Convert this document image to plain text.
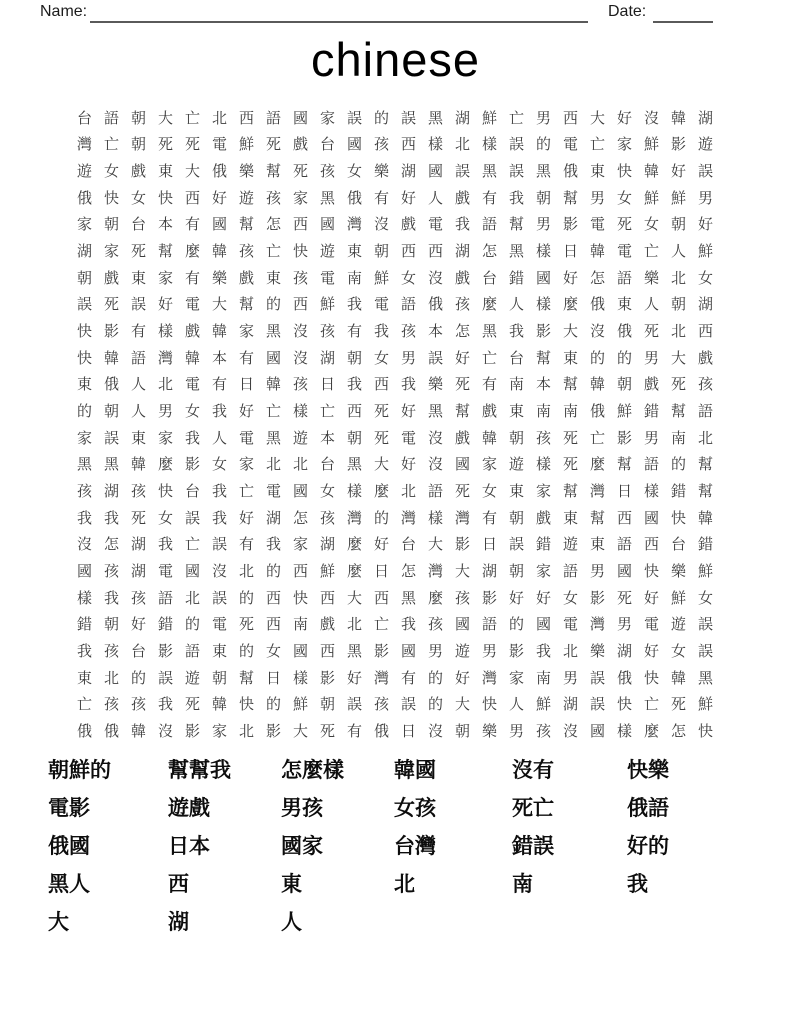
Name:	Date:
chinese
台 語 朝 大 亡 北 西 語 國 家 誤 的 誤 黑 湖 鮮 亡 男 西 大 好 沒 韓 湖
灣 亡 朝 死 死 電 鮮 死 戲 台 國 孩 西 樣 北 樣 誤 的 電 亡 家 鮮 影 遊
遊 女 戲 東 大 俄 樂 幫 死 孩 女 樂 湖 國 誤 黑 誤 黑 俄 東 快 韓 好 誤
俄 快 女 快 西 好 遊 孩 家 黑 俄 有 好 人 戲 有 我 朝 幫 男 女 鮮 鮮 男
家 朝 台 本 有 國 幫 怎 西 國 灣 沒 戲 電 我 語 幫 男 影 電 死 女 朝 好
湖 家 死 幫 麼 韓 孩 亡 快 遊 東 朝 西 西 湖 怎 黑 樣 日 韓 電 亡 人 鮮
朝 戲 東 家 有 樂 戲 東 孩 電 南 鮮 女 沒 戲 台 錯 國 好 怎 語 樂 北 女
誤 死 誤 好 電 大 幫 的 西 鮮 我 電 語 俄 孩 麼 人 樣 麼 俄 東 人 朝 湖
快 影 有 樣 戲 韓 家 黑 沒 孩 有 我 孩 本 怎 黑 我 影 大 沒 俄 死 北 西
快 韓 語 灣 韓 本 有 國 沒 湖 朝 女 男 誤 好 亡 台 幫 東 的 的 男 大 戲
東 俄 人 北 電 有 日 韓 孩 日 我 西 我 樂 死 有 南 本 幫 韓 朝 戲 死 孩
的 朝 人 男 女 我 好 亡 樣 亡 西 死 好 黑 幫 戲 東 南 南 俄 鮮 錯 幫 語
家 誤 東 家 我 人 電 黑 遊 本 朝 死 電 沒 戲 韓 朝 孩 死 亡 影 男 南 北
黑 黑 韓 麼 影 女 家 北 北 台 黑 大 好 沒 國 家 遊 樣 死 麼 幫 語 的 幫
孩 湖 孩 快 台 我 亡 電 國 女 樣 麼 北 語 死 女 東 家 幫 灣 日 樣 錯 幫
我 我 死 女 誤 我 好 湖 怎 孩 灣 的 灣 樣 灣 有 朝 戲 東 幫 西 國 快 韓
沒 怎 湖 我 亡 誤 有 我 家 湖 麼 好 台 大 影 日 誤 錯 遊 東 語 西 台 錯
國 孩 湖 電 國 沒 北 的 西 鮮 麼 日 怎 灣 大 湖 朝 家 語 男 國 快 樂 鮮
樣 我 孩 語 北 誤 的 西 快 西 大 西 黑 麼 孩 影 好 好 女 影 死 好 鮮 女
錯 朝 好 錯 的 電 死 西 南 戲 北 亡 我 孩 國 語 的 國 電 灣 男 電 遊 誤
我 孩 台 影 語 東 的 女 國 西 黑 影 國 男 遊 男 影 我 北 樂 湖 好 女 誤
東 北 的 誤 遊 朝 幫 日 樣 影 好 灣 有 的 好 灣 家 南 男 誤 俄 快 韓 黑
亡 孩 孩 我 死 韓 快 的 鮮 朝 誤 孩 誤 的 大 快 人 鮮 湖 誤 快 亡 死 鮮
俄 俄 韓 沒 影 家 北 影 大 死 有 俄 日 沒 朝 樂 男 孩 沒 國 樣 麼 怎 快
朝鮮的
電影
俄國
黑人
大
幫幫我
遊戲
日本
西
湖
怎麼樣
男孩
國家
東
人
韓國
女孩
台灣
北
沒有
死亡
錯誤
南
快樂
俄語
好的
我
